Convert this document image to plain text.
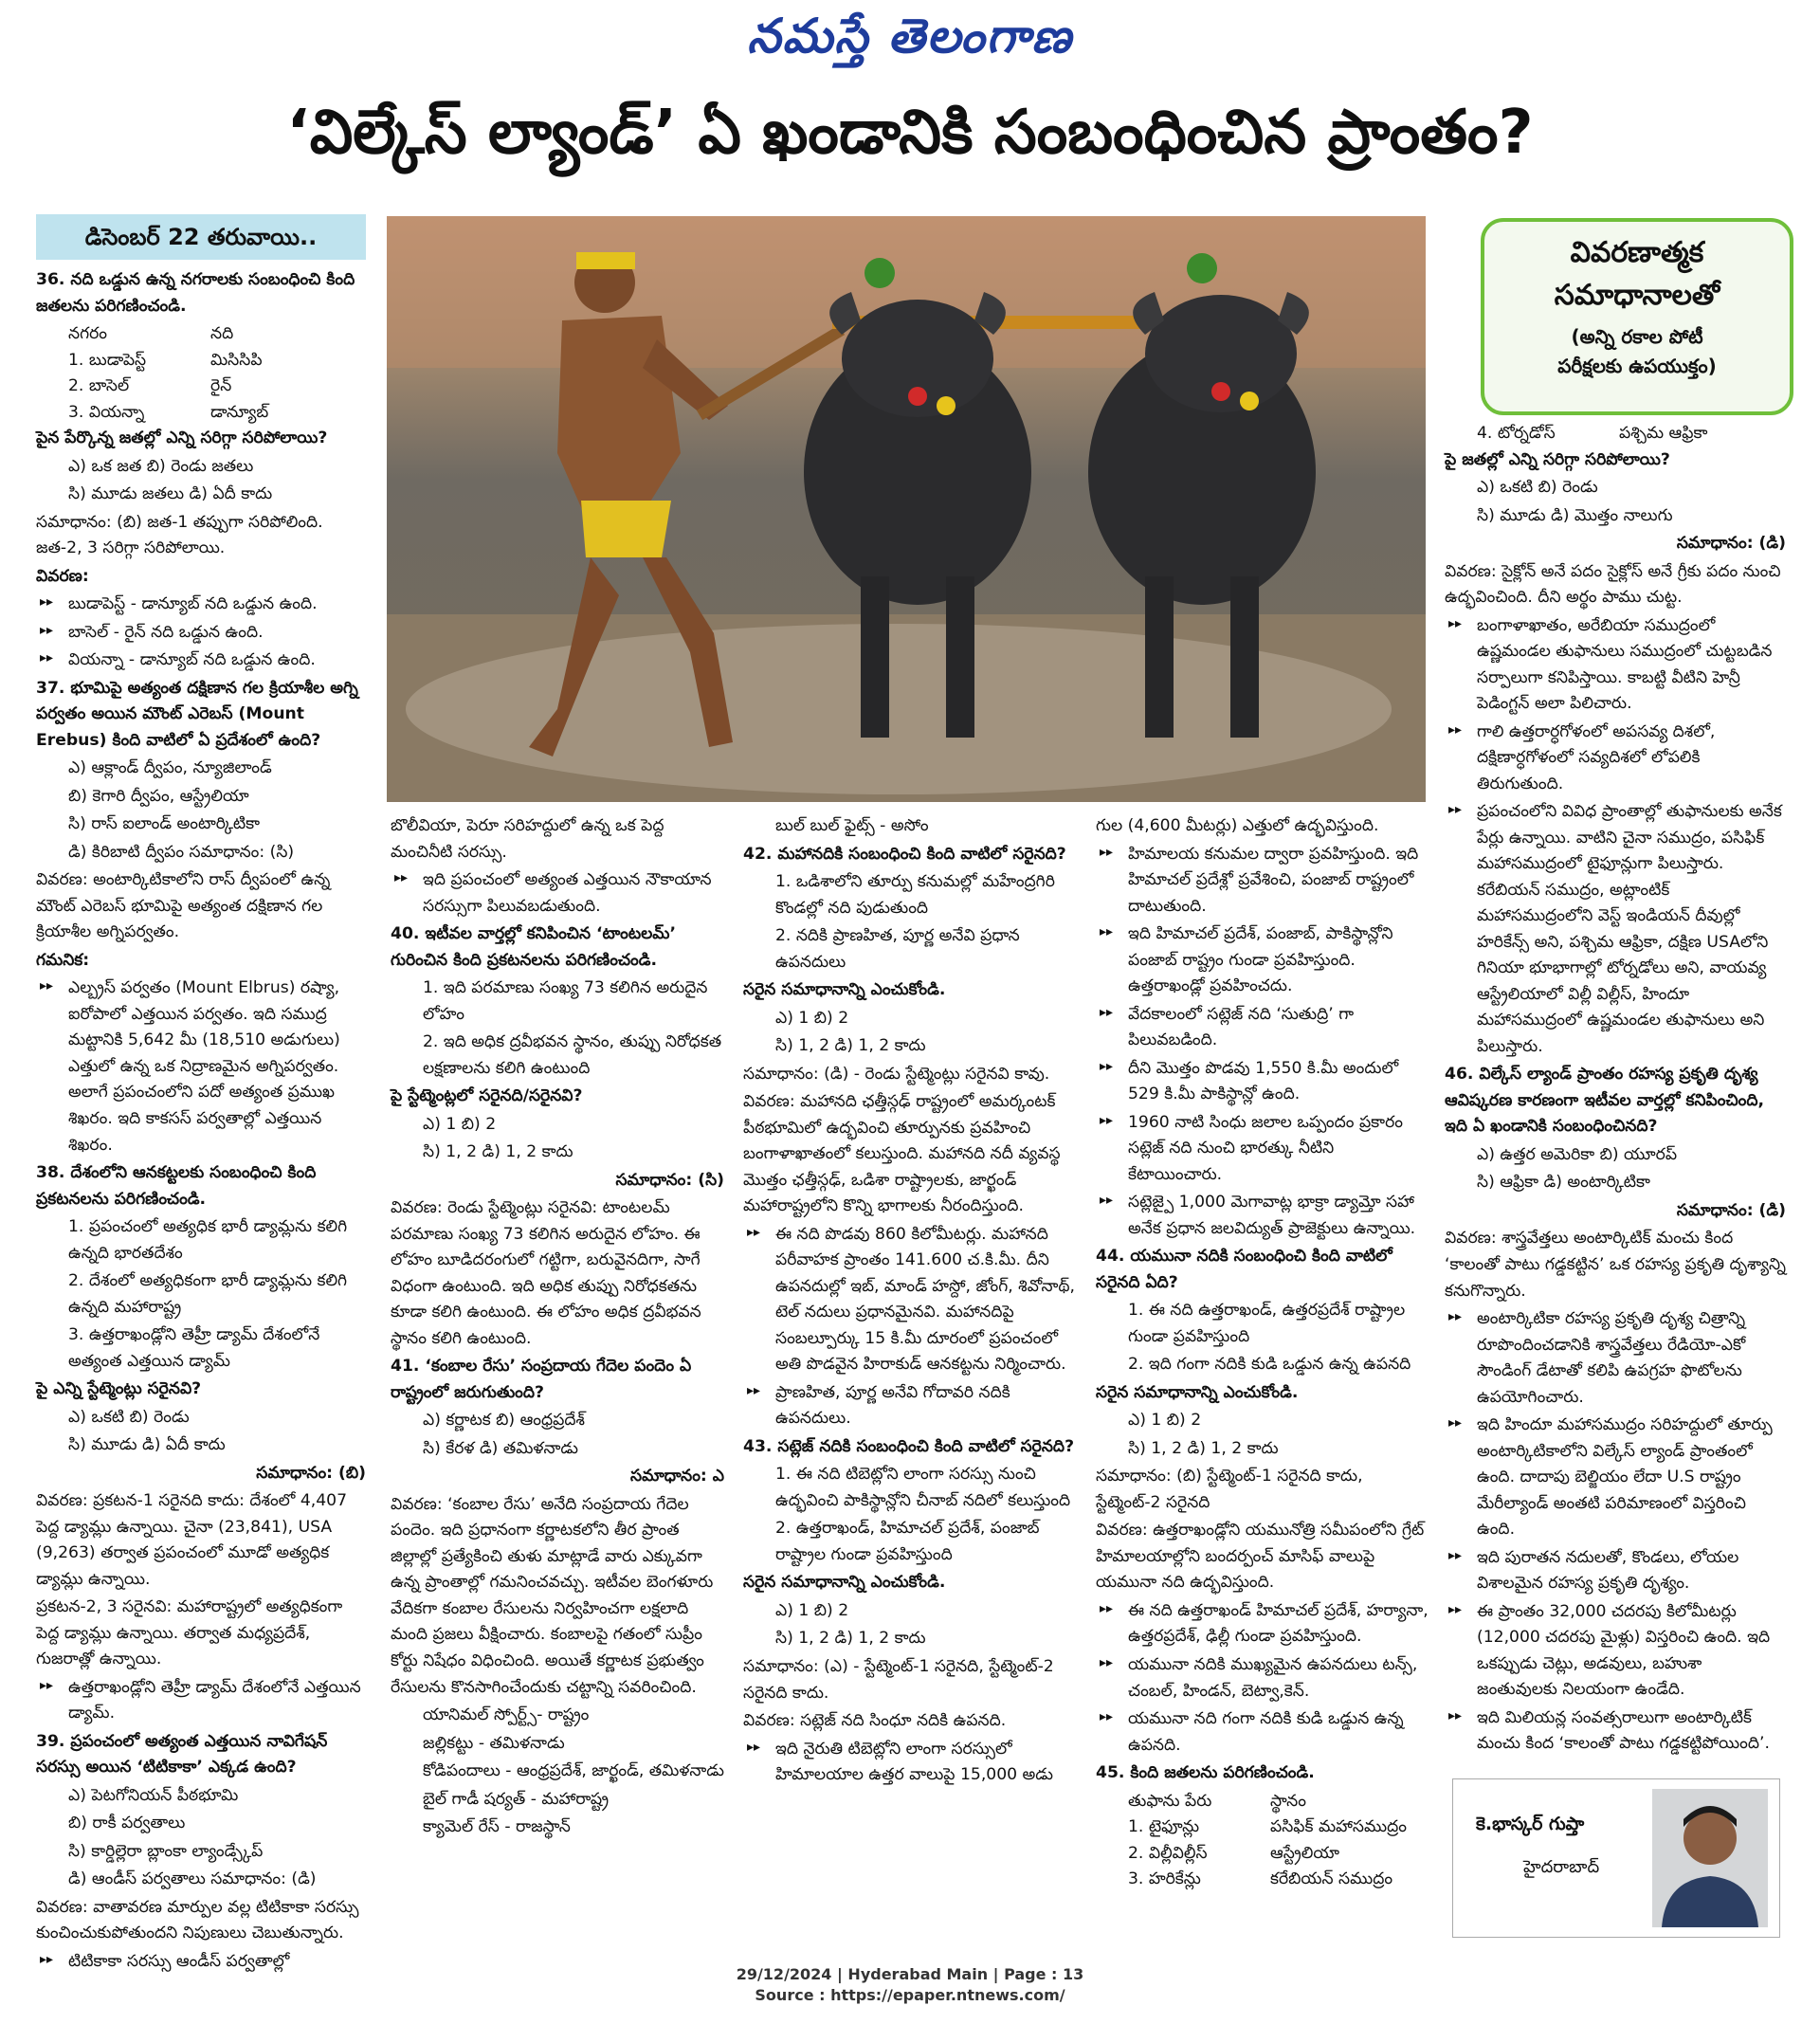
నమస్తే తెలంగాణ
‘విల్కేస్ ల్యాండ్’ ఏ ఖండానికి సంబంధించిన ప్రాంతం?
డిసెంబర్ 22 తరువాయి..	వివరణాత్మక
సమాధానాలతో
(అన్ని రకాల పోటీ
పరీక్షలకు ఉపయుక్తం)

36. నది ఒడ్డున ఉన్న నగరాలకు సంబంధించి కింది జతలను పరిగణించండి.

నగరం	నది
1. బుడాపెస్ట్	మిసిసిపి
2. బాసెల్	రైన్
3. వియన్నా	డాన్యూబ్

పైన పేర్కొన్న జతల్లో ఎన్ని సరిగ్గా సరిపోలాయి?

ఎ) ఒక జత బి) రెండు జతలు

సి) మూడు జతలు డి) ఏదీ కాదు

సమాధానం: (బి) జత-1 తప్పుగా సరిపోలింది. జత-2, 3 సరిగ్గా సరిపోలాయి.

వివరణ:

▸▸ బుడాపెస్ట్ - డాన్యూబ్ నది ఒడ్డున ఉంది.

▸▸ బాసెల్ - రైన్ నది ఒడ్డున ఉంది.

▸▸ వియన్నా - డాన్యూబ్ నది ఒడ్డున ఉంది.

37. భూమిపై అత్యంత దక్షిణాన గల క్రియాశీల అగ్ని పర్వతం అయిన మౌంట్ ఎరెబస్ (Mount Erebus) కింది వాటిలో ఏ ప్రదేశంలో ఉంది?

ఎ) ఆక్లాండ్ ద్వీపం, న్యూజిలాండ్

బి) కెగారి ద్వీపం, ఆస్ట్రేలియా

సి) రాస్ ఐలాండ్ అంటార్కిటికా

డి) కిరిబాటి ద్వీపం సమాధానం: (సి)

వివరణ: అంటార్కిటికాలోని రాస్ ద్వీపంలో ఉన్న మౌంట్ ఎరెబస్ భూమిపై అత్యంత దక్షిణాన గల క్రియాశీల అగ్నిపర్వతం.

గమనిక:

▸▸ ఎల్బ్రస్ పర్వతం (Mount Elbrus) రష్యా, ఐరోపాలో ఎత్తయిన పర్వతం. ఇది సముద్ర మట్టానికి 5,642 మీ (18,510 అడుగులు) ఎత్తులో ఉన్న ఒక నిద్రాణమైన అగ్నిపర్వతం. అలాగే ప్రపంచంలోని పదో అత్యంత ప్రముఖ శిఖరం. ఇది కాకసస్ పర్వతాల్లో ఎత్తయిన శిఖరం.

38. దేశంలోని ఆనకట్టలకు సంబంధించి కింది ప్రకటనలను పరిగణించండి.

1. ప్రపంచంలో అత్యధిక భారీ డ్యామ్లను కలిగి ఉన్నది భారతదేశం

2. దేశంలో అత్యధికంగా భారీ డ్యామ్లను కలిగి ఉన్నది మహారాష్ట్ర

3. ఉత్తరాఖండ్లోని తెహ్రీ డ్యామ్ దేశంలోనే అత్యంత ఎత్తయిన డ్యామ్

పై ఎన్ని స్టేట్మెంట్లు సరైనవి?

ఎ) ఒకటి బి) రెండు

సి) మూడు డి) ఏదీ కాదు

సమాధానం: (బి)

వివరణ: ప్రకటన-1 సరైనది కాదు: దేశంలో 4,407 పెద్ద డ్యామ్లు ఉన్నాయి. చైనా (23,841), USA (9,263) తర్వాత ప్రపంచంలో మూడో అత్యధిక డ్యామ్లు ఉన్నాయి.

ప్రకటన-2, 3 సరైనవి: మహారాష్ట్రలో అత్యధికంగా పెద్ద డ్యామ్లు ఉన్నాయి. తర్వాత మధ్యప్రదేశ్, గుజరాత్లో ఉన్నాయి.

▸▸ ఉత్తరాఖండ్లోని తెహ్రీ డ్యామ్ దేశంలోనే ఎత్తయిన డ్యామ్.

39. ప్రపంచంలో అత్యంత ఎత్తయిన నావిగేషన్ సరస్సు అయిన ‘టిటికాకా’ ఎక్కడ ఉంది?

ఎ) పెటగోనియన్ పీఠభూమి

బి) రాకీ పర్వతాలు

సి) కార్డిల్లెరా బ్లాంకా ల్యాండ్స్కేప్

డి) ఆండీస్ పర్వతాలు సమాధానం: (డి)

వివరణ: వాతావరణ మార్పుల వల్ల టిటికాకా సరస్సు కుంచించుకుపోతుందని నిపుణులు చెబుతున్నారు.

▸▸ టిటికాకా సరస్సు ఆండీస్ పర్వతాల్లో

బొలీవియా, పెరూ సరిహద్దులో ఉన్న ఒక పెద్ద మంచినీటి సరస్సు.

▸▸ ఇది ప్రపంచంలో అత్యంత ఎత్తయిన నౌకాయాన సరస్సుగా పిలువబడుతుంది.

40. ఇటీవల వార్తల్లో కనిపించిన ‘టాంటలమ్’ గురించిన కింది ప్రకటనలను పరిగణించండి.

1. ఇది పరమాణు సంఖ్య 73 కలిగిన అరుదైన లోహం

2. ఇది అధిక ద్రవీభవన స్థానం, తుప్పు నిరోధకత లక్షణాలను కలిగి ఉంటుంది

పై స్టేట్మెంట్లలో సరైనది/సరైనవి?

ఎ) 1 బి) 2

సి) 1, 2 డి) 1, 2 కాదు

సమాధానం: (సి)

వివరణ: రెండు స్టేట్మెంట్లు సరైనవి: టాంటలమ్ పరమాణు సంఖ్య 73 కలిగిన అరుదైన లోహం. ఈ లోహం బూడిదరంగులో గట్టిగా, బరువైనదిగా, సాగే విధంగా ఉంటుంది. ఇది అధిక తుప్పు నిరోధకతను కూడా కలిగి ఉంటుంది. ఈ లోహం అధిక ద్రవీభవన స్థానం కలిగి ఉంటుంది.

41. ‘కంబాల రేసు’ సంప్రదాయ గేదెల పందెం ఏ రాష్ట్రంలో జరుగుతుంది?

ఎ) కర్ణాటక బి) ఆంధ్రప్రదేశ్

సి) కేరళ డి) తమిళనాడు

సమాధానం: ఎ

వివరణ: ‘కంబాల రేసు’ అనేది సంప్రదాయ గేదెల పందెం. ఇది ప్రధానంగా కర్ణాటకలోని తీర ప్రాంత జిల్లాల్లో ప్రత్యేకించి తుళు మాట్లాడే వారు ఎక్కువగా ఉన్న ప్రాంతాల్లో గమనించవచ్చు. ఇటీవల బెంగళూరు వేదికగా కంబాల రేసులను నిర్వహించగా లక్షలాది మంది ప్రజలు వీక్షించారు. కంబాలపై గతంలో సుప్రీం కోర్టు నిషేధం విధించింది. అయితే కర్ణాటక ప్రభుత్వం రేసులను కొనసాగించేందుకు చట్టాన్ని సవరించింది.

యానిమల్ స్పోర్ట్స్- రాష్ట్రం

జల్లికట్టు - తమిళనాడు

కోడిపందాలు - ఆంధ్రప్రదేశ్, జార్ఖండ్, తమిళనాడు

బైల్ గాడీ షర్యత్ - మహారాష్ట్ర

క్యామెల్ రేస్ - రాజస్థాన్

బుల్ బుల్ ఫైట్స్ - అసోం

42. మహానదికి సంబంధించి కింది వాటిలో సరైనది?

1. ఒడిశాలోని తూర్పు కనుమల్లో మహేంద్రగిరి కొండల్లో నది పుడుతుంది

2. నదికి ప్రాణహిత, పూర్ణ అనేవి ప్రధాన ఉపనదులు

సరైన సమాధానాన్ని ఎంచుకోండి.

ఎ) 1 బి) 2

సి) 1, 2 డి) 1, 2 కాదు

సమాధానం: (డి) - రెండు స్టేట్మెంట్లు సరైనవి కావు.

వివరణ: మహానది ఛత్తీస్గఢ్ రాష్ట్రంలో అమర్కంటక్ పీఠభూమిలో ఉద్భవించి తూర్పునకు ప్రవహించి బంగాళాఖాతంలో కలుస్తుంది. మహానది నదీ వ్యవస్థ మొత్తం ఛత్తీస్గఢ్, ఒడిశా రాష్ట్రాలకు, జార్ఖండ్ మహారాష్ట్రలోని కొన్ని భాగాలకు నీరందిస్తుంది.

▸▸ ఈ నది పొడవు 860 కిలోమీటర్లు. మహానది పరీవాహక ప్రాంతం 141.600 చ.కి.మీ. దీని ఉపనదుల్లో ఇబ్, మాండ్ హస్దో, జోంగ్, శివోనాథ్, టెల్ నదులు ప్రధానమైనవి. మహానదిపై సంబల్పూర్కు 15 కి.మీ దూరంలో ప్రపంచంలో అతి పొడవైన హిరాకుడ్ ఆనకట్టను నిర్మించారు.

▸▸ ప్రాణహిత, పూర్ణ అనేవి గోదావరి నదికి ఉపనదులు.

43. సట్లెజ్ నదికి సంబంధించి కింది వాటిలో సరైనది?

1. ఈ నది టిబెట్లోని లాంగా సరస్సు నుంచి ఉద్భవించి పాకిస్థాన్లోని చీనాబ్ నదిలో కలుస్తుంది

2. ఉత్తరాఖండ్, హిమాచల్ ప్రదేశ్, పంజాబ్ రాష్ట్రాల గుండా ప్రవహిస్తుంది

సరైన సమాధానాన్ని ఎంచుకోండి.

ఎ) 1 బి) 2

సి) 1, 2 డి) 1, 2 కాదు

సమాధానం: (ఎ) - స్టేట్మెంట్-1 సరైనది, స్టేట్మెంట్-2 సరైనది కాదు.

వివరణ: సట్లెజ్ నది సింధూ నదికి ఉపనది.

▸▸ ఇది నైరుతి టిబెట్లోని లాంగా సరస్సులో హిమాలయాల ఉత్తర వాలుపై 15,000 అడు

గుల (4,600 మీటర్లు) ఎత్తులో ఉద్భవిస్తుంది.

▸▸ హిమాలయ కనుమల ద్వారా ప్రవహిస్తుంది. ఇది హిమాచల్ ప్రదేశ్లో ప్రవేశించి, పంజాబ్ రాష్ట్రంలో దాటుతుంది.

▸▸ ఇది హిమాచల్ ప్రదేశ్, పంజాబ్, పాకిస్థాన్లోని పంజాబ్ రాష్ట్రం గుండా ప్రవహిస్తుంది. ఉత్తరాఖండ్లో ప్రవహించదు.

▸▸ వేదకాలంలో సట్లెజ్ నది ‘సుతుద్రి’ గా పిలువబడింది.

▸▸ దీని మొత్తం పొడవు 1,550 కి.మీ అందులో 529 కి.మీ పాకిస్థాన్లో ఉంది.

▸▸ 1960 నాటి సింధు జలాల ఒప్పందం ప్రకారం సట్లెజ్ నది నుంచి భారత్కు నీటిని కేటాయించారు.

▸▸ సట్లెజ్పై 1,000 మెగావాట్ల భాక్రా డ్యామ్తో సహా అనేక ప్రధాన జలవిద్యుత్ ప్రాజెక్టులు ఉన్నాయి.

44. యమునా నదికి సంబంధించి కింది వాటిలో సరైనది ఏది?

1. ఈ నది ఉత్తరాఖండ్, ఉత్తరప్రదేశ్ రాష్ట్రాల గుండా ప్రవహిస్తుంది

2. ఇది గంగా నదికి కుడి ఒడ్డున ఉన్న ఉపనది

సరైన సమాధానాన్ని ఎంచుకోండి.

ఎ) 1 బి) 2

సి) 1, 2 డి) 1, 2 కాదు

సమాధానం: (బి) స్టేట్మెంట్-1 సరైనది కాదు, స్టేట్మెంట్-2 సరైనది

వివరణ: ఉత్తరాఖండ్లోని యమునోత్రి సమీపంలోని గ్రేట్ హిమాలయాల్లోని బందర్పంచ్ మాసిఫ్ వాలుపై యమునా నది ఉద్భవిస్తుంది.

▸▸ ఈ నది ఉత్తరాఖండ్ హిమాచల్ ప్రదేశ్, హర్యానా, ఉత్తరప్రదేశ్, ఢిల్లీ గుండా ప్రవహిస్తుంది.

▸▸ యమునా నదికి ముఖ్యమైన ఉపనదులు టన్స్, చంబల్, హిండన్, బెట్వా,కెన్.

▸▸ యమునా నది గంగా నదికి కుడి ఒడ్డున ఉన్న ఉపనది.

45. కింది జతలను పరిగణించండి.

తుఫాను పేరు	స్థానం
1. టైఫూన్లు	పసిఫిక్ మహాసముద్రం
2. విల్లీవిల్లీస్	ఆస్ట్రేలియా
3. హరికేన్లు	కరేబియన్ సముద్రం
4. టోర్నడోస్	పశ్చిమ ఆఫ్రికా

పై జతల్లో ఎన్ని సరిగ్గా సరిపోలాయి?

ఎ) ఒకటి బి) రెండు

సి) మూడు డి) మొత్తం నాలుగు

సమాధానం: (డి)

వివరణ: సైక్లోన్ అనే పదం సైక్లోస్ అనే గ్రీకు పదం నుంచి ఉద్భవించింది. దీని అర్థం పాము చుట్ట.

▸▸ బంగాళాఖాతం, అరేబియా సముద్రంలో ఉష్ణమండల తుఫానులు సముద్రంలో చుట్టబడిన సర్పాలుగా కనిపిస్తాయి. కాబట్టి వీటిని హెన్రీ పెడింగ్టన్ అలా పిలిచారు.

▸▸ గాలి ఉత్తరార్ధగోళంలో అపసవ్య దిశలో, దక్షిణార్ధగోళంలో సవ్యదిశలో లోపలికి తిరుగుతుంది.

▸▸ ప్రపంచంలోని వివిధ ప్రాంతాల్లో తుఫానులకు అనేక పేర్లు ఉన్నాయి. వాటిని చైనా సముద్రం, పసిఫిక్ మహాసముద్రంలో టైఫూన్లుగా పిలుస్తారు. కరేబియన్ సముద్రం, అట్లాంటిక్ మహాసముద్రంలోని వెస్ట్ ఇండియన్ దీవుల్లో హరికేన్స్ అని, పశ్చిమ ఆఫ్రికా, దక్షిణ USAలోని గినియా భూభాగాల్లో టోర్నడోలు అని, వాయవ్య ఆస్ట్రేలియాలో విల్లీ విల్లీస్, హిందూ మహాసముద్రంలో ఉష్ణమండల తుఫానులు అని పిలుస్తారు.

46. విల్కేస్ ల్యాండ్ ప్రాంతం రహస్య ప్రకృతి దృశ్య ఆవిష్కరణ కారణంగా ఇటీవల వార్తల్లో కనిపించింది, ఇది ఏ ఖండానికి సంబంధించినది?

ఎ) ఉత్తర అమెరికా బి) యూరప్

సి) ఆఫ్రికా డి) అంటార్కిటికా

సమాధానం: (డి)

వివరణ: శాస్త్రవేత్తలు అంటార్కిటిక్ మంచు కింద ‘కాలంతో పాటు గడ్డకట్టిన’ ఒక రహస్య ప్రకృతి దృశ్యాన్ని కనుగొన్నారు.

▸▸ అంటార్కిటికా రహస్య ప్రకృతి దృశ్య చిత్రాన్ని రూపొందించడానికి శాస్త్రవేత్తలు రేడియో-ఎకో సౌండింగ్ డేటాతో కలిపి ఉపగ్రహ ఫొటోలను ఉపయోగించారు.

▸▸ ఇది హిందూ మహాసముద్రం సరిహద్దులో తూర్పు అంటార్కిటికాలోని విల్కేస్ ల్యాండ్ ప్రాంతంలో ఉంది. దాదాపు బెల్జియం లేదా U.S రాష్ట్రం మేరీల్యాండ్ అంతటి పరిమాణంలో విస్తరించి ఉంది.

▸▸ ఇది పురాతన నదులతో, కొండలు, లోయల విశాలమైన రహస్య ప్రకృతి దృశ్యం.

▸▸ ఈ ప్రాంతం 32,000 చదరపు కిలోమీటర్లు (12,000 చదరపు మైళ్లు) విస్తరించి ఉంది. ఇది ఒకప్పుడు చెట్లు, అడవులు, బహుశా జంతువులకు నిలయంగా ఉండేది.

▸▸ ఇది మిలియన్ల సంవత్సరాలుగా అంటార్కిటిక్ మంచు కింద ‘కాలంతో పాటు గడ్డకట్టిపోయింది’.

కె.భాస్కర్ గుప్తా
హైదరాబాద్
29/12/2024 | Hyderabad Main | Page : 13
Source : https://epaper.ntnews.com/
